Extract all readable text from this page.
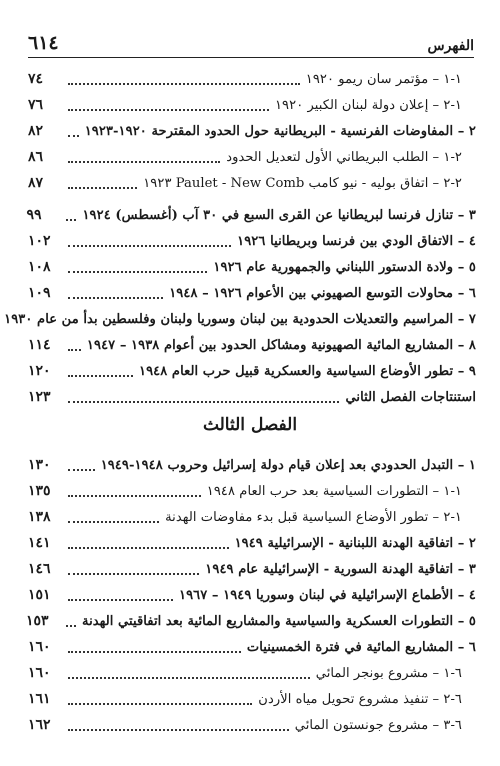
٦١٤	الفهرس
١-١ – مؤتمر سان ريمو ١٩٢٠
٧٤
١-٢ – إعلان دولة لبنان الكبير ١٩٢٠
٧٦
٢ – المفاوضات الفرنسية - البريطانية حول الحدود المقترحة ١٩٢٠-١٩٢٣
٨٢
٢-١ – الطلب البريطاني الأول لتعديل الحدود
٨٦
٢-٢ – اتفاق بوليه - نيو كامب Paulet - New Comb ١٩٢٣
٨٧
٣ – تنازل فرنسا لبريطانيا عن القرى السبع في ٣٠ آب (أغسطس) ١٩٢٤
٩٩
٤ – الاتفاق الودي بين فرنسا وبريطانيا ١٩٢٦
١٠٢
٥ – ولادة الدستور اللبناني والجمهورية عام ١٩٢٦
١٠٨
٦ – محاولات التوسع الصهيوني بين الأعوام ١٩٢٦ – ١٩٤٨
١٠٩
٧ – المراسيم والتعديلات الحدودية بين لبنان وسوريا ولبنان وفلسطين بدأ من عام ١٩٣٠
٨ – المشاريع المائية الصهيونية ومشاكل الحدود بين أعوام ١٩٣٨ – ١٩٤٧
١١٤
٩ – تطور الأوضاع السياسية والعسكرية قبيل حرب العام ١٩٤٨
١٢٠
استنتاجات الفصل الثاني
١٢٣
الفصل الثالث
١ – التبدل الحدودي بعد إعلان قيام دولة إسرائيل وحروب ١٩٤٨-١٩٤٩
١٣٠
١-١ – التطورات السياسية بعد حرب العام ١٩٤٨
١٣٥
١-٢ – تطور الأوضاع السياسية قبل بدء مفاوضات الهدنة
١٣٨
٢ – اتفاقية الهدنة اللبنانية - الإسرائيلية ١٩٤٩
١٤١
٣ – اتفاقية الهدنة السورية - الإسرائيلية عام ١٩٤٩
١٤٦
٤ – الأطماع الإسرائيلية في لبنان وسوريا ١٩٤٩ – ١٩٦٧
١٥١
٥ – التطورات العسكرية والسياسية والمشاريع المائية بعد اتفاقيتي الهدنة
١٥٣
٦ – المشاريع المائية في فترة الخمسينيات
١٦٠
٦-١ – مشروع بونجر المائي
١٦٠
٦-٢ – تنفيذ مشروع تحويل مياه الأردن
١٦١
٦-٣ – مشروع جونستون المائي
١٦٢
